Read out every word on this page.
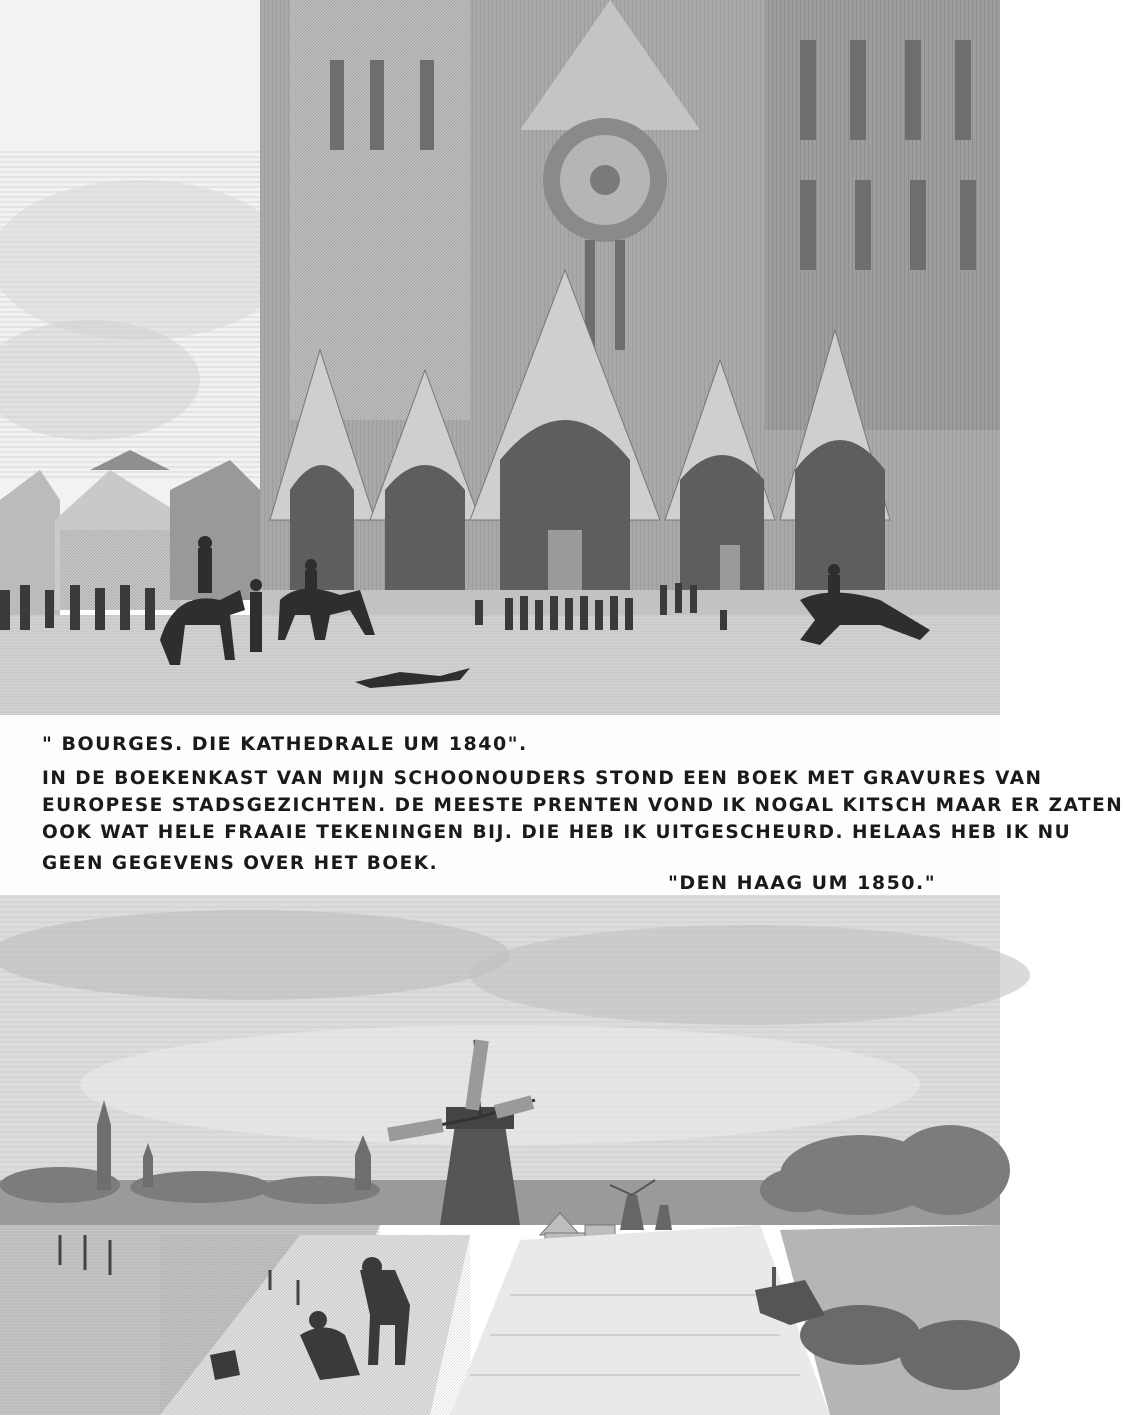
" BOURGES. DIE KATHEDRALE UM 1840".
IN DE BOEKENKAST VAN MIJN SCHOONOUDERS STOND EEN BOEK MET GRAVURES VAN
EUROPESE STADSGEZICHTEN. DE MEESTE PRENTEN VOND IK NOGAL KITSCH MAAR ER ZATEN
OOK WAT HELE FRAAIE TEKENINGEN BIJ. DIE HEB IK UITGESCHEURD. HELAAS HEB IK NU
GEEN GEGEVENS OVER HET BOEK.
"DEN HAAG UM 1850."
